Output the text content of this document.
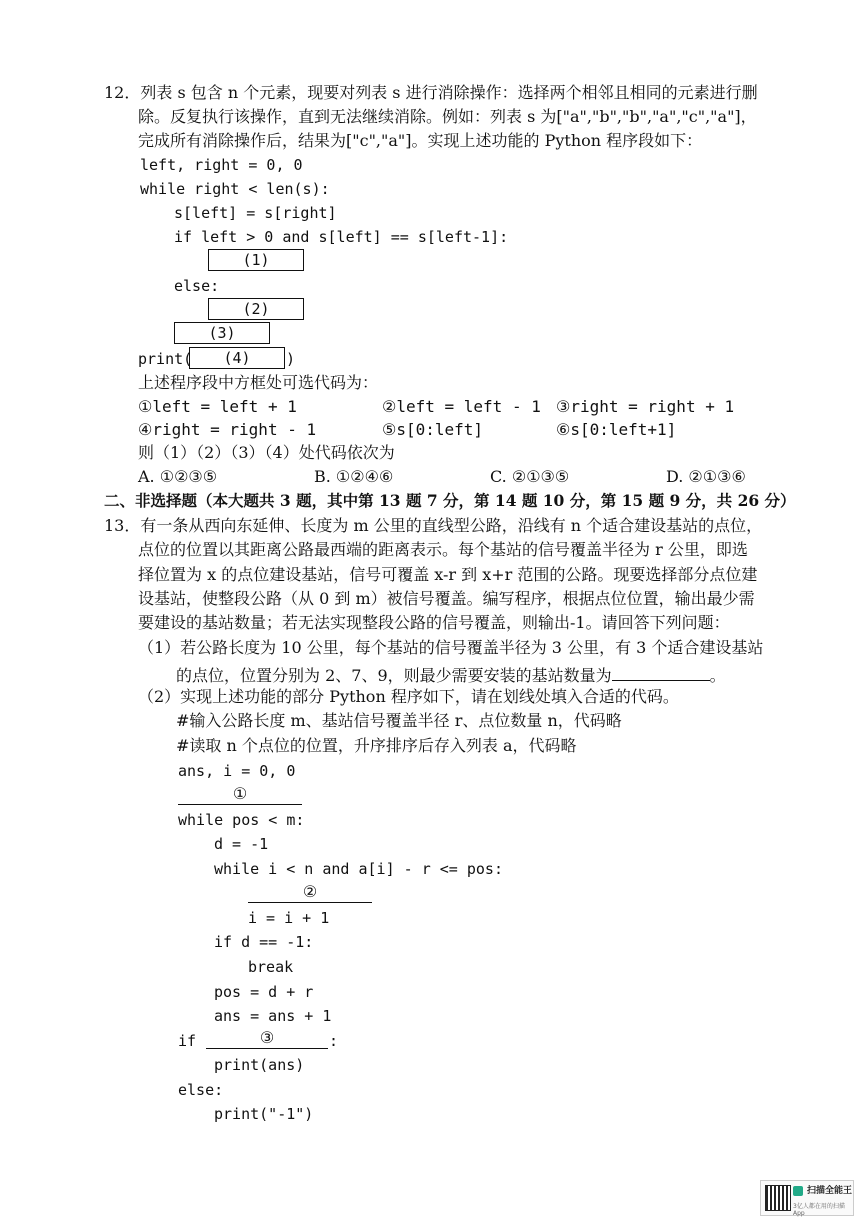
12．列表 s 包含 n 个元素，现要对列表 s 进行消除操作：选择两个相邻且相同的元素进行删
除。反复执行该操作，直到无法继续消除。例如：列表 s 为["a","b","b","a","c","a"]，
完成所有消除操作后，结果为["c","a"]。实现上述功能的 Python 程序段如下：
left, right = 0, 0
while right < len(s):
s[left] = s[right]
if left > 0 and s[left] == s[left-1]:
(1)
else:
(2)
(3)
print(	(4)	)
上述程序段中方框处可选代码为：
①left = left + 1	②left = left - 1 ③right = right + 1
④right = right - 1	⑤s[0:left]	⑥s[0:left+1]
则（1）（2）（3）（4）处代码依次为
A. ①②③⑤	B. ①②④⑥	C. ②①③⑤	D. ②①③⑥
二、非选择题（本大题共 3 题，其中第 13 题 7 分，第 14 题 10 分，第 15 题 9 分，共 26 分）
13．有一条从西向东延伸、长度为 m 公里的直线型公路，沿线有 n 个适合建设基站的点位，
点位的位置以其距离公路最西端的距离表示。每个基站的信号覆盖半径为 r 公里，即选
择位置为 x 的点位建设基站，信号可覆盖 x-r 到 x+r 范围的公路。现要选择部分点位建
设基站，使整段公路（从 0 到 m）被信号覆盖。编写程序，根据点位位置，输出最少需
要建设的基站数量；若无法实现整段公路的信号覆盖，则输出-1。请回答下列问题：
（1）若公路长度为 10 公里，每个基站的信号覆盖半径为 3 公里，有 3 个适合建设基站
的点位，位置分别为 2、7、9，则最少需要安装的基站数量为	。
（2）实现上述功能的部分 Python 程序如下，请在划线处填入合适的代码。
#输入公路长度 m、基站信号覆盖半径 r、点位数量 n，代码略
#读取 n 个点位的位置，升序排序后存入列表 a，代码略
ans, i = 0, 0
①
while pos < m:
d = -1
while i < n and a[i] - r <= pos:
②
i = i + 1
if d == -1:
break
pos = d + r
ans = ans + 1
if	③	:
print(ans)
else:
print("-1")
扫描全能王
3亿人都在用的扫描App
